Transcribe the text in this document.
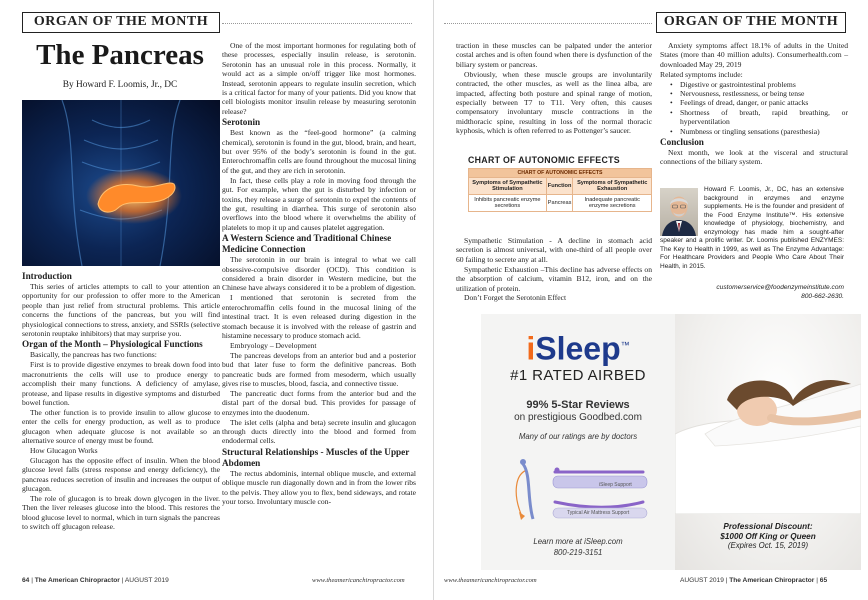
ORGAN OF THE MONTH
The Pancreas
By Howard F. Loomis, Jr., DC
Introduction

This series of articles attempts to call to your attention an opportunity for our profession to offer more to the American people than just relief from structural problems. This article concerns the functions of the pancreas, but you will find physiological connections to stress, anxiety, and SSRIs (selective serotonin reuptake inhibitors) that may surprise you.

Organ of the Month – Physiological Functions

Basically, the pancreas has two functions:

First is to provide digestive enzymes to break down food into macronutrients the cells will use to produce energy to accomplish their many functions. A deficiency of amylase, protease, and lipase results in digestive symptoms and disturbed bowel function.

The other function is to provide insulin to allow glucose to enter the cells for energy production, as well as to produce glucagon when adequate glucose is not available so an alternative source of energy must be found.

How Glucagon Works

Glucagon has the opposite effect of insulin. When the blood glucose level falls (stress response and energy deficiency), the pancreas reduces secretion of insulin and increases the output of glucagon.

The role of glucagon is to break down glycogen in the liver. Then the liver releases glucose into the blood. This restores the blood glucose level to normal, which in turn signals the pancreas to switch off glucagon release.

One of the most important hormones for regulating both of these processes, especially insulin release, is serotonin. Serotonin has an unusual role in this process. Normally, it would act as a simple on/off trigger like most hormones. Instead, serotonin appears to regulate insulin secretion, which is a critical factor for many of your patients. Did you know that cell biologists monitor insulin release by measuring serotonin release?

Serotonin

Best known as the “feel-good hormone” (a calming chemical), serotonin is found in the gut, blood, brain, and heart, but over 95% of the body’s serotonin is found in the gut. Enterochromaffin cells are found throughout the mucosal lining of the gut, and they are rich in serotonin.

In fact, these cells play a role in moving food through the gut. For example, when the gut is disturbed by infection or toxins, they release a surge of serotonin to expel the contents of the gut, resulting in diarrhea. This surge of serotonin also overflows into the blood where it overwhelms the ability of platelets to mop it up and causes platelet aggregation.

A Western Science and Traditional Chinese Medicine Connection

The serotonin in our brain is integral to what we call obsessive-compulsive disorder (OCD). This condition is considered a brain disorder in Western medicine, but the Chinese have always considered it to be a problem of digestion.

I mentioned that serotonin is secreted from the enterochromaffin cells found in the mucosal lining of the intestinal tract. It is even released during digestion in the stomach because it is involved with the release of gastrin and histamine necessary to produce stomach acid.

Embryology – Development

The pancreas develops from an anterior bud and a posterior bud that later fuse to form the definitive pancreas. Both pancreatic buds are formed from mesoderm, which usually gives rise to muscles, blood, fascia, and connective tissue.

The pancreatic duct forms from the anterior bud and the distal part of the dorsal bud. This provides for passage of enzymes into the duodenum.

The islet cells (alpha and beta) secrete insulin and glucagon through ducts directly into the blood and formed from endodermal cells.

Structural Relationships - Muscles of the Upper Abdomen

The rectus abdominis, internal oblique muscle, and external oblique muscle run diagonally down and in from the lower ribs to the pelvis. They allow you to flex, bend sideways, and rotate your torso. Involuntary muscle con-

64 | The American Chiropractor | AUGUST 2019	www.theamericanchiropractor.com
ORGAN OF THE MONTH

traction in these muscles can be palpated under the anterior costal arches and is often found when there is dysfunction of the biliary system or pancreas.

Obviously, when these muscle groups are involuntarily contracted, the other muscles, as well as the linea alba, are impacted, affecting both posture and spinal range of motion, especially between T7 to T11. Very often, this causes compensatory involuntary muscle contractions in the midthoracic spine, resulting in loss of the normal thoracic kyphosis, which is often referred to as Pottenger’s saucer.

CHART OF AUTONOMIC EFFECTS
CHART OF AUTONOMIC EFFECTS		
Symptoms of Sympathetic Stimulation	Function	Symptoms of Sympathetic Exhaustion
Inhibits pancreatic enzyme secretions	Pancreas	Inadequate pancreatic enzyme secretions

Sympathetic Stimulation - A decline in stomach acid secretion is almost universal, with one-third of all people over 60 failing to secrete any at all.

Sympathetic Exhaustion –This decline has adverse effects on the absorption of calcium, vitamin B12, iron, and on the utilization of protein.

Don’t Forget the Serotonin Effect

Anxiety symptoms affect 18.1% of adults in the United States (more than 40 million adults). Consumerhealth.com – downloaded May 29, 2019

Related symptoms include:

• Digestive or gastrointestinal problems
• Nervousness, restlessness, or being tense
• Feelings of dread, danger, or panic attacks
• Shortness of breath, rapid breathing, or hyperventilation
• Numbness or tingling sensations (paresthesia)
Conclusion

Next month, we look at the visceral and structural connections of the biliary system.

Howard F. Loomis, Jr., DC, has an extensive background in enzymes and enzyme supplements. He is the founder and president of the Food Enzyme Institute™. His extensive knowledge of physiology, biochemistry, and enzymology has made him a sought-after speaker and a prolific writer. Dr. Loomis published ENZYMES: The Key to Health in 1999, as well as The Enzyme Advantage: For Healthcare Providers and People Who Care About Their Health, in 2015.
customerservice@foodenzymeinstitute.com
800-662-2630.
iSleep™
#1 RATED AIRBED
99% 5-Star Reviews
on prestigious Goodbed.com
Many of our ratings are by doctors
iSleep Support
Typical Air Mattress Support
Learn more at iSleep.com
800-219-3151
Professional Discount:
$1000 Off King or Queen
(Expires Oct. 15, 2019)
www.theamericanchiropractor.com	AUGUST 2019 | The American Chiropractor | 65
